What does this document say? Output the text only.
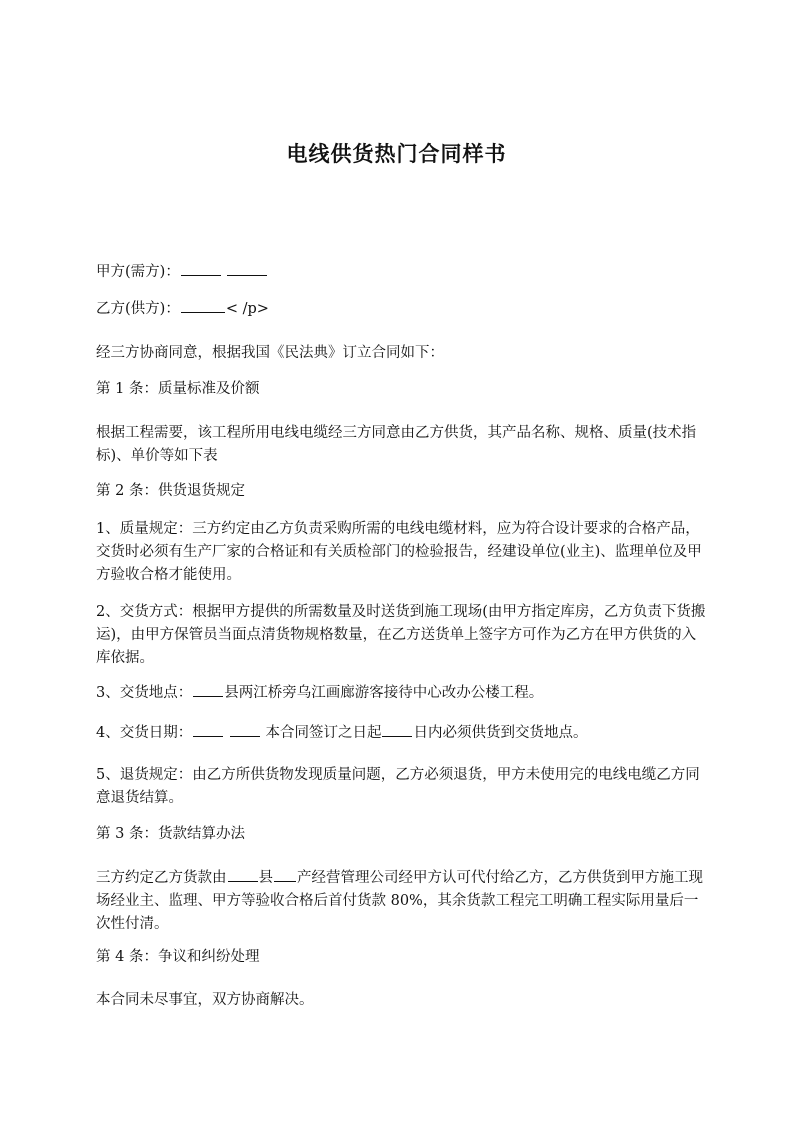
电线供货热门合同样书
甲方(需方)：
乙方(供方)：	< /p>
经三方协商同意，根据我国《民法典》订立合同如下：
第 1 条：质量标准及价额
根据工程需要，该工程所用电线电缆经三方同意由乙方供货，其产品名称、规格、质量(技术指标)、单价等如下表
第 2 条：供货退货规定
1、质量规定：三方约定由乙方负责采购所需的电线电缆材料，应为符合设计要求的合格产品，交货时必须有生产厂家的合格证和有关质检部门的检验报告，经建设单位(业主)、监理单位及甲方验收合格才能使用。
2、交货方式：根据甲方提供的所需数量及时送货到施工现场(由甲方指定库房，乙方负责下货搬运)，由甲方保管员当面点清货物规格数量，在乙方送货单上签字方可作为乙方在甲方供货的入库依据。
3、交货地点： 县两江桥旁乌江画廊游客接待中心改办公楼工程。
4、交货日期：	本合同签订之日起 日内必须供货到交货地点。
5、退货规定：由乙方所供货物发现质量问题，乙方必须退货，甲方未使用完的电线电缆乙方同意退货结算。
第 3 条：货款结算办法
三方约定乙方货款由 县 产经营管理公司经甲方认可代付给乙方，乙方供货到甲方施工现场经业主、监理、甲方等验收合格后首付货款 80%，其余货款工程完工明确工程实际用量后一次性付清。
第 4 条：争议和纠纷处理
本合同未尽事宜，双方协商解决。
